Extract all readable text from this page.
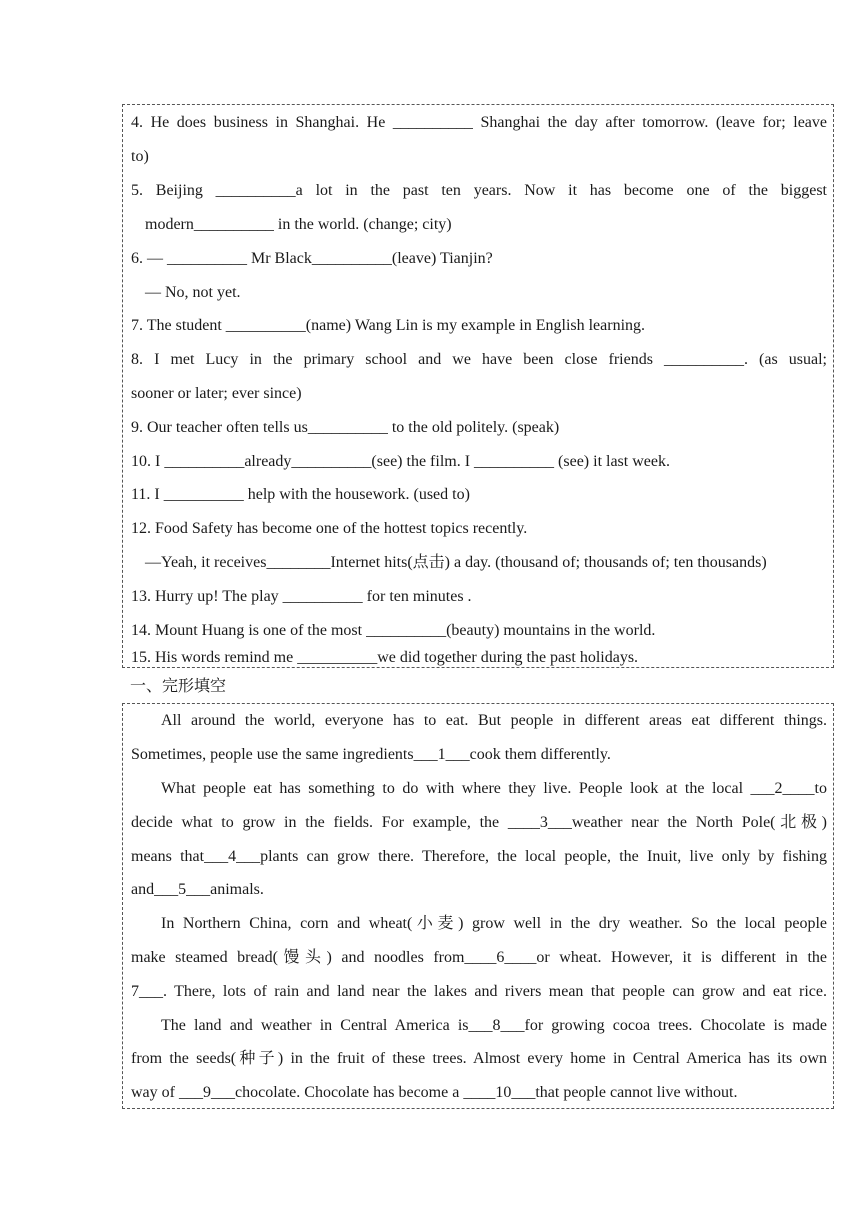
4. He does business in Shanghai. He __________ Shanghai the day after tomorrow. (leave for; leave
to)
5. Beijing __________a lot in the past ten years. Now it has become one of the biggest
modern__________ in the world. (change; city)
6. — __________ Mr Black__________(leave) Tianjin?
— No, not yet.
7. The student __________(name) Wang Lin is my example in English learning.
8. I met Lucy in the primary school and we have been close friends __________. (as usual;
sooner or later; ever since)
9. Our teacher often tells us__________ to the old politely. (speak)
10. I __________already__________(see) the film. I __________ (see) it last week.
11. I __________ help with the housework. (used to)
12. Food Safety has become one of the hottest topics recently.
—Yeah, it receives________Internet hits(点击) a day. (thousand of; thousands of; ten thousands)
13. Hurry up! The play __________ for ten minutes .
14. Mount Huang is one of the most __________(beauty) mountains in the world.
15. His words remind me __________we did together during the past holidays.
一、完形填空
All around the world, everyone has to eat. But people in different areas eat different things.
Sometimes, people use the same ingredients___1___cook them differently.
What people eat has something to do with where they live. People look at the local ___2____to
decide what to grow in the fields. For example, the ____3___weather near the North Pole(北极)
means that___4___plants can grow there. Therefore, the local people, the Inuit, live only by fishing
and___5___animals.
In Northern China, corn and wheat(小麦) grow well in the dry weather. So the local people
make steamed bread(馒头) and noodles from____6____or wheat. However, it is different in the
7___. There, lots of rain and land near the lakes and rivers mean that people can grow and eat rice.
The land and weather in Central America is___8___for growing cocoa trees. Chocolate is made
from the seeds(种子) in the fruit of these trees. Almost every home in Central America has its own
way of ___9___chocolate. Chocolate has become a ____10___that people cannot live without.
